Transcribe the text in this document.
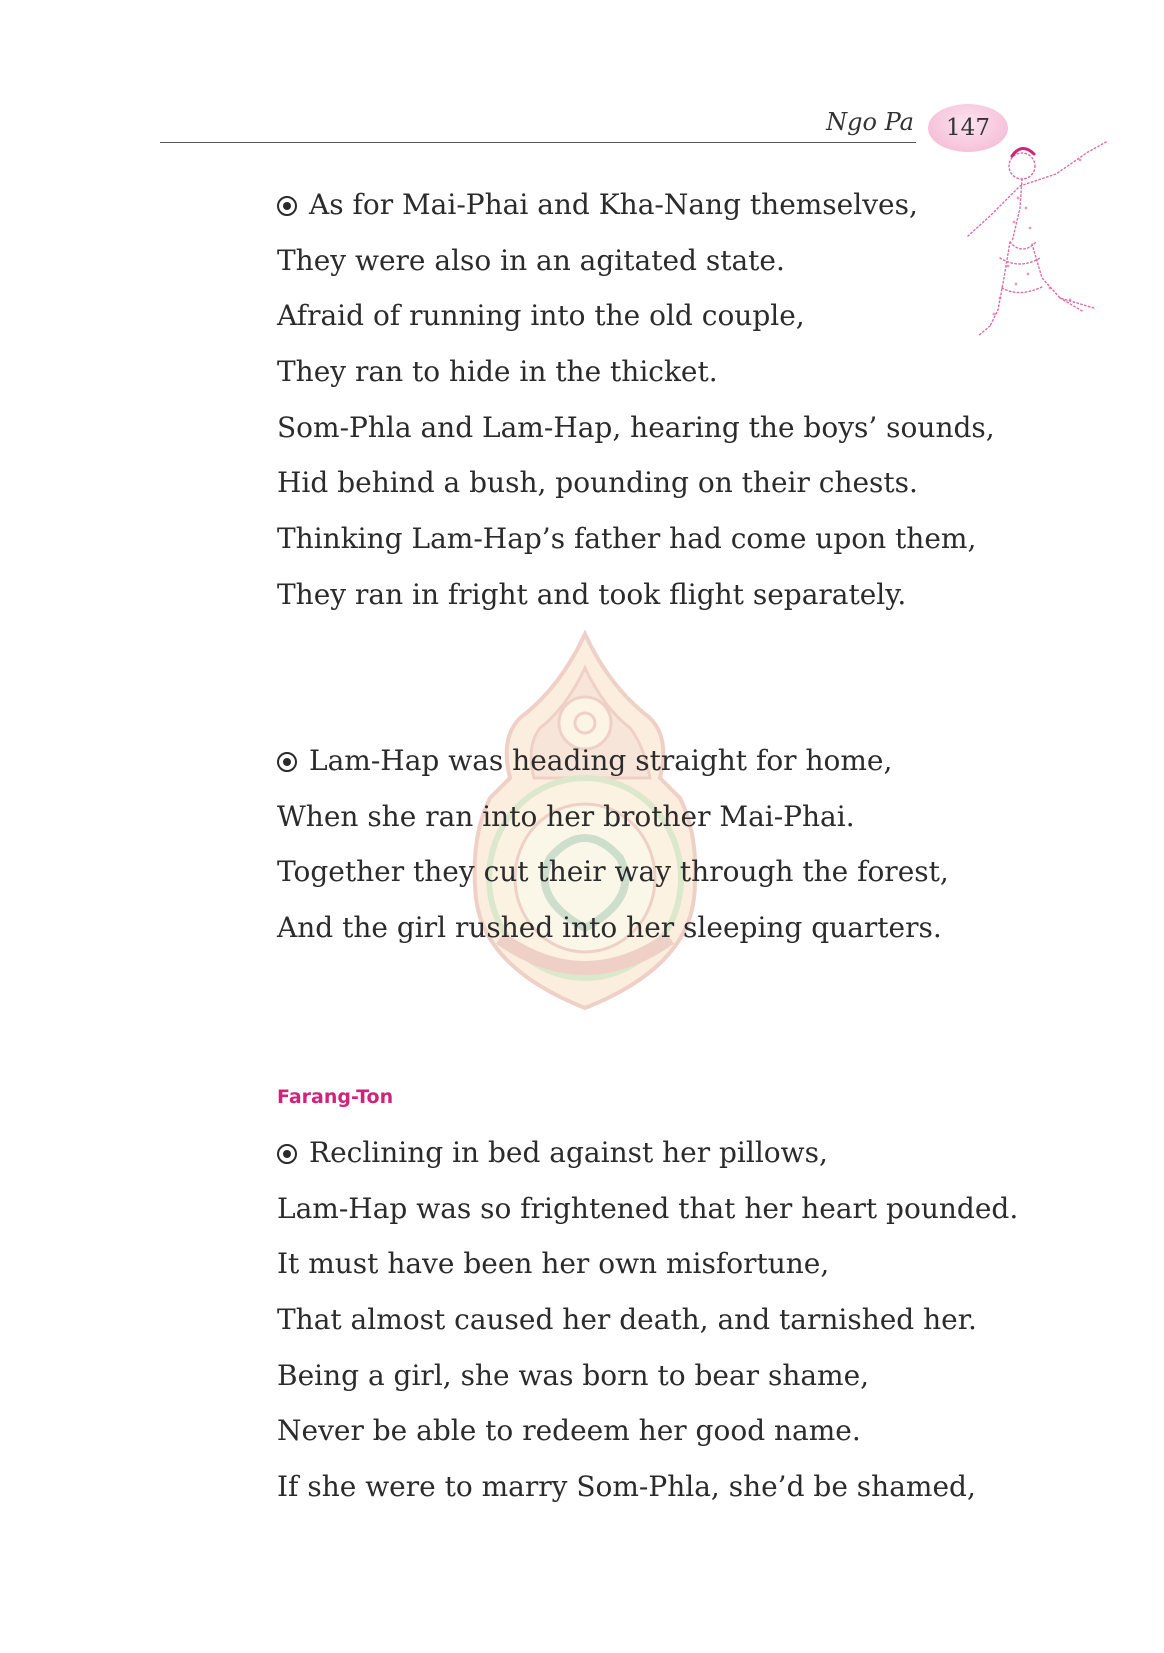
Ngo Pa 147
As for Mai-Phai and Kha-Nang themselves,
They were also in an agitated state.
Afraid of running into the old couple,
They ran to hide in the thicket.
Som-Phla and Lam-Hap, hearing the boys’ sounds,
Hid behind a bush, pounding on their chests.
Thinking Lam-Hap’s father had come upon them,
They ran in fright and took flight separately.
Lam-Hap was heading straight for home,
When she ran into her brother Mai-Phai.
Together they cut their way through the forest,
And the girl rushed into her sleeping quarters.
Farang-Ton
Reclining in bed against her pillows,
Lam-Hap was so frightened that her heart pounded.
It must have been her own misfortune,
That almost caused her death, and tarnished her.
Being a girl, she was born to bear shame,
Never be able to redeem her good name.
If she were to marry Som-Phla, she’d be shamed,
